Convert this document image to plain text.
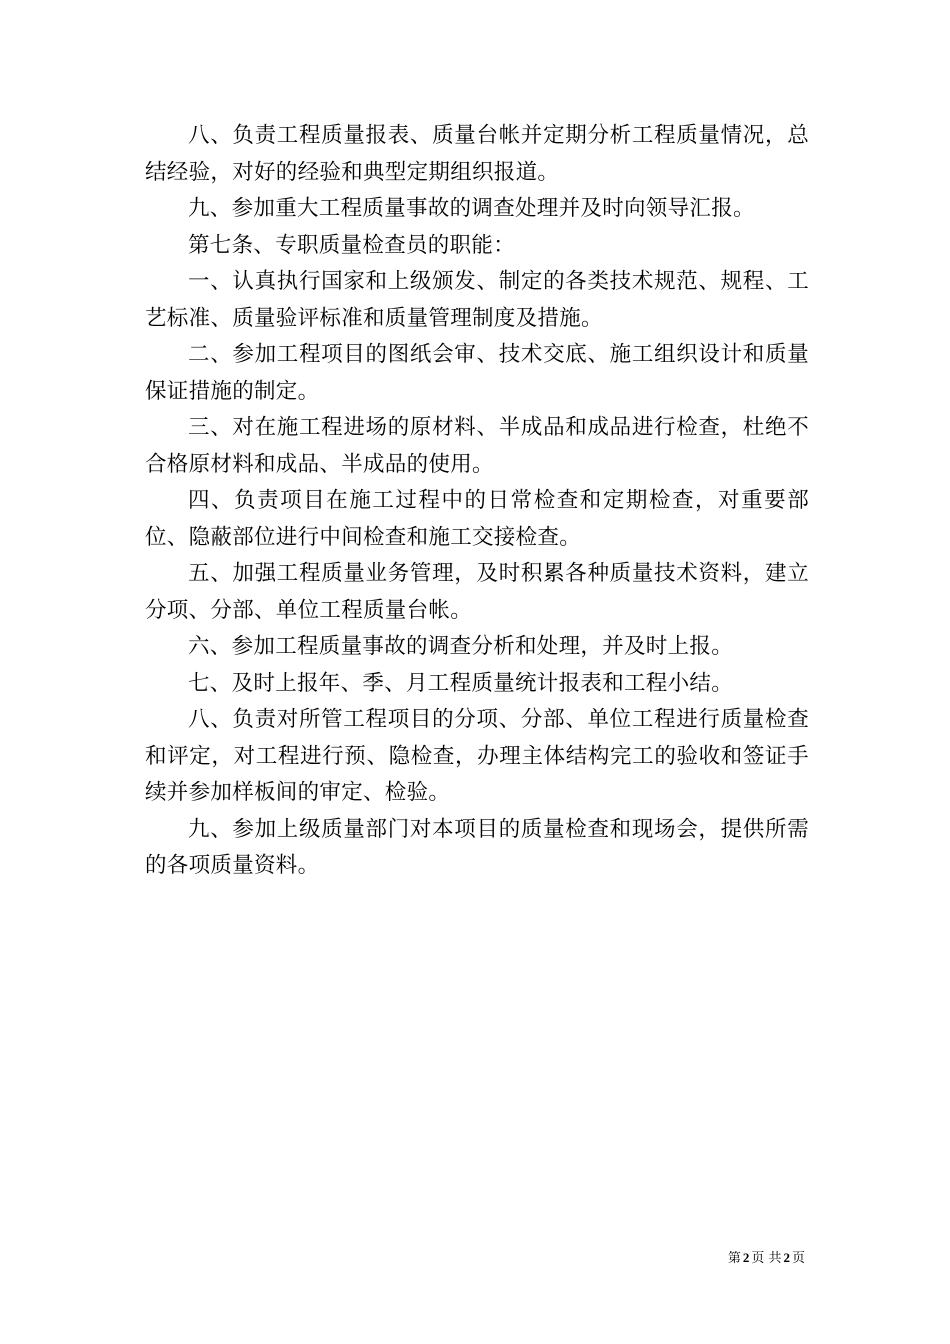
八、负责工程质量报表、质量台帐并定期分析工程质量情况，总结经验，对好的经验和典型定期组织报道。

九、参加重大工程质量事故的调查处理并及时向领导汇报。

第七条、专职质量检查员的职能：

一、认真执行国家和上级颁发、制定的各类技术规范、规程、工艺标准、质量验评标准和质量管理制度及措施。

二、参加工程项目的图纸会审、技术交底、施工组织设计和质量保证措施的制定。

三、对在施工程进场的原材料、半成品和成品进行检查，杜绝不合格原材料和成品、半成品的使用。

四、负责项目在施工过程中的日常检查和定期检查，对重要部位、隐蔽部位进行中间检查和施工交接检查。

五、加强工程质量业务管理，及时积累各种质量技术资料，建立分项、分部、单位工程质量台帐。

六、参加工程质量事故的调查分析和处理，并及时上报。

七、及时上报年、季、月工程质量统计报表和工程小结。

八、负责对所管工程项目的分项、分部、单位工程进行质量检查和评定，对工程进行预、隐检查，办理主体结构完工的验收和签证手续并参加样板间的审定、检验。

九、参加上级质量部门对本项目的质量检查和现场会，提供所需的各项质量资料。

第 2 页 共 2 页
